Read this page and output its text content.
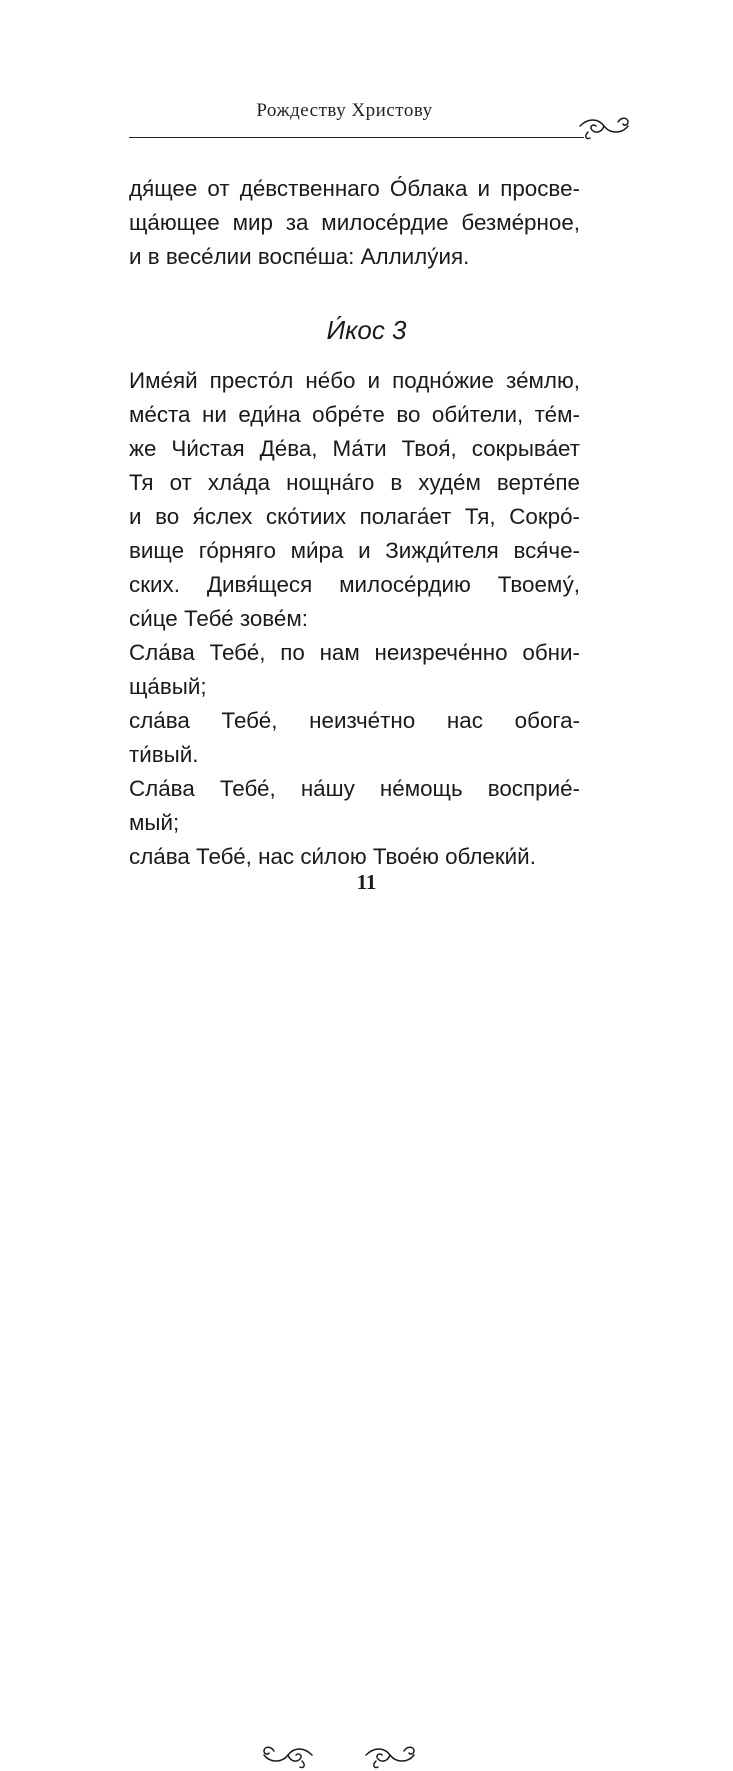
Рождеству Христову
дя́щее от де́вственнаго О́блака и просве-
ща́ющее мир за милосе́рдие безме́рное,
и в весе́лии воспе́ша: Аллилу́ия.
И́кос 3
Име́яй престо́л не́бо и подно́жие зе́млю,
ме́ста ни еди́на обре́те во оби́тели, те́м-
же Чи́стая Де́ва, Ма́ти Твоя́, сокрыва́ет
Тя от хла́да нощна́го в худе́м верте́пе
и во я́слех ско́тиих полага́ет Тя, Сокро́-
вище го́рняго ми́ра и Зижди́теля вся́че-
ских. Дивя́щеся милосе́рдию Твоему́,
си́це Тебе́ зове́м:
Сла́ва Тебе́, по нам неизрече́нно обни-
ща́вый;
сла́ва Тебе́, неизче́тно нас обога-
ти́вый.
Сла́ва Тебе́, на́шу не́мощь восприе́-
мый;
сла́ва Тебе́, нас си́лою Твое́ю облеки́й.
11
